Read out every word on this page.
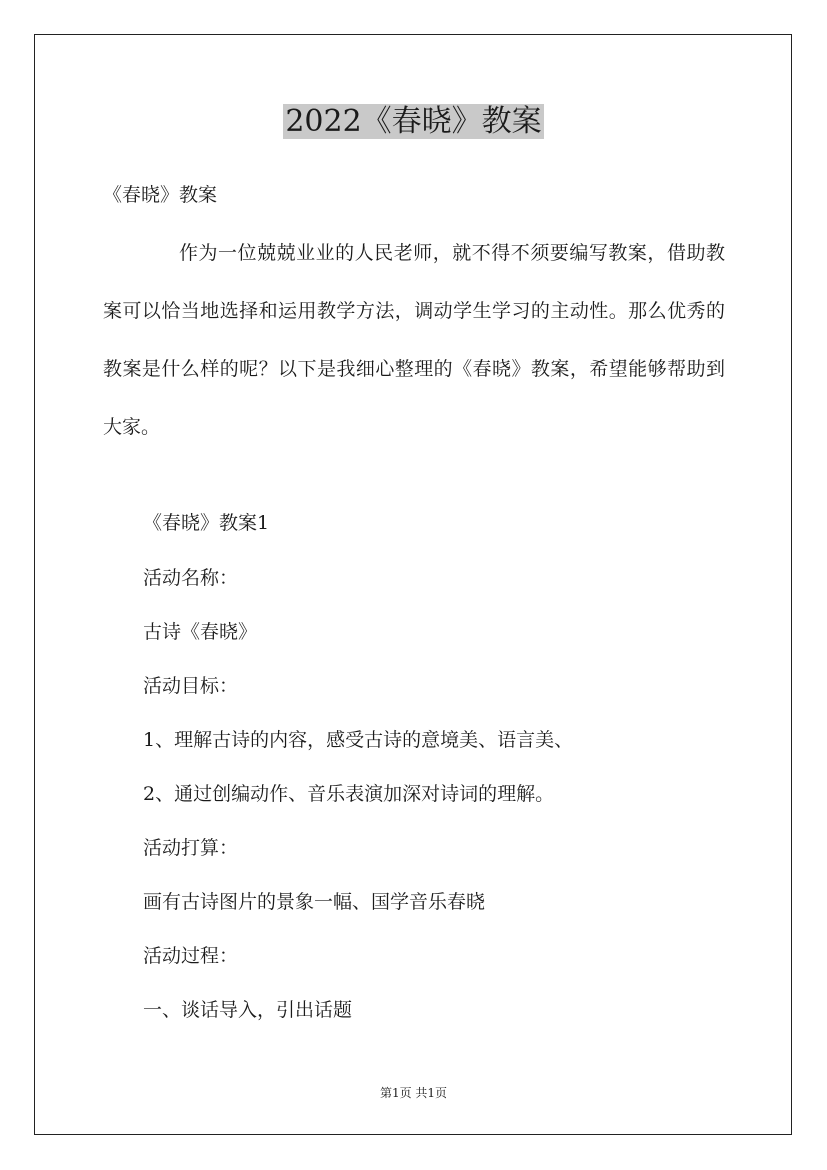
2022《春晓》教案
《春晓》教案
作为一位兢兢业业的人民老师，就不得不须要编写教案，借助教案可以恰当地选择和运用教学方法，调动学生学习的主动性。那么优秀的教案是什么样的呢？以下是我细心整理的《春晓》教案，希望能够帮助到大家。
《春晓》教案1
活动名称：
古诗《春晓》
活动目标：
1、理解古诗的内容，感受古诗的意境美、语言美、
2、通过创编动作、音乐表演加深对诗词的理解。
活动打算：
画有古诗图片的景象一幅、国学音乐春晓
活动过程：
一、谈话导入，引出话题
第1页 共1页
